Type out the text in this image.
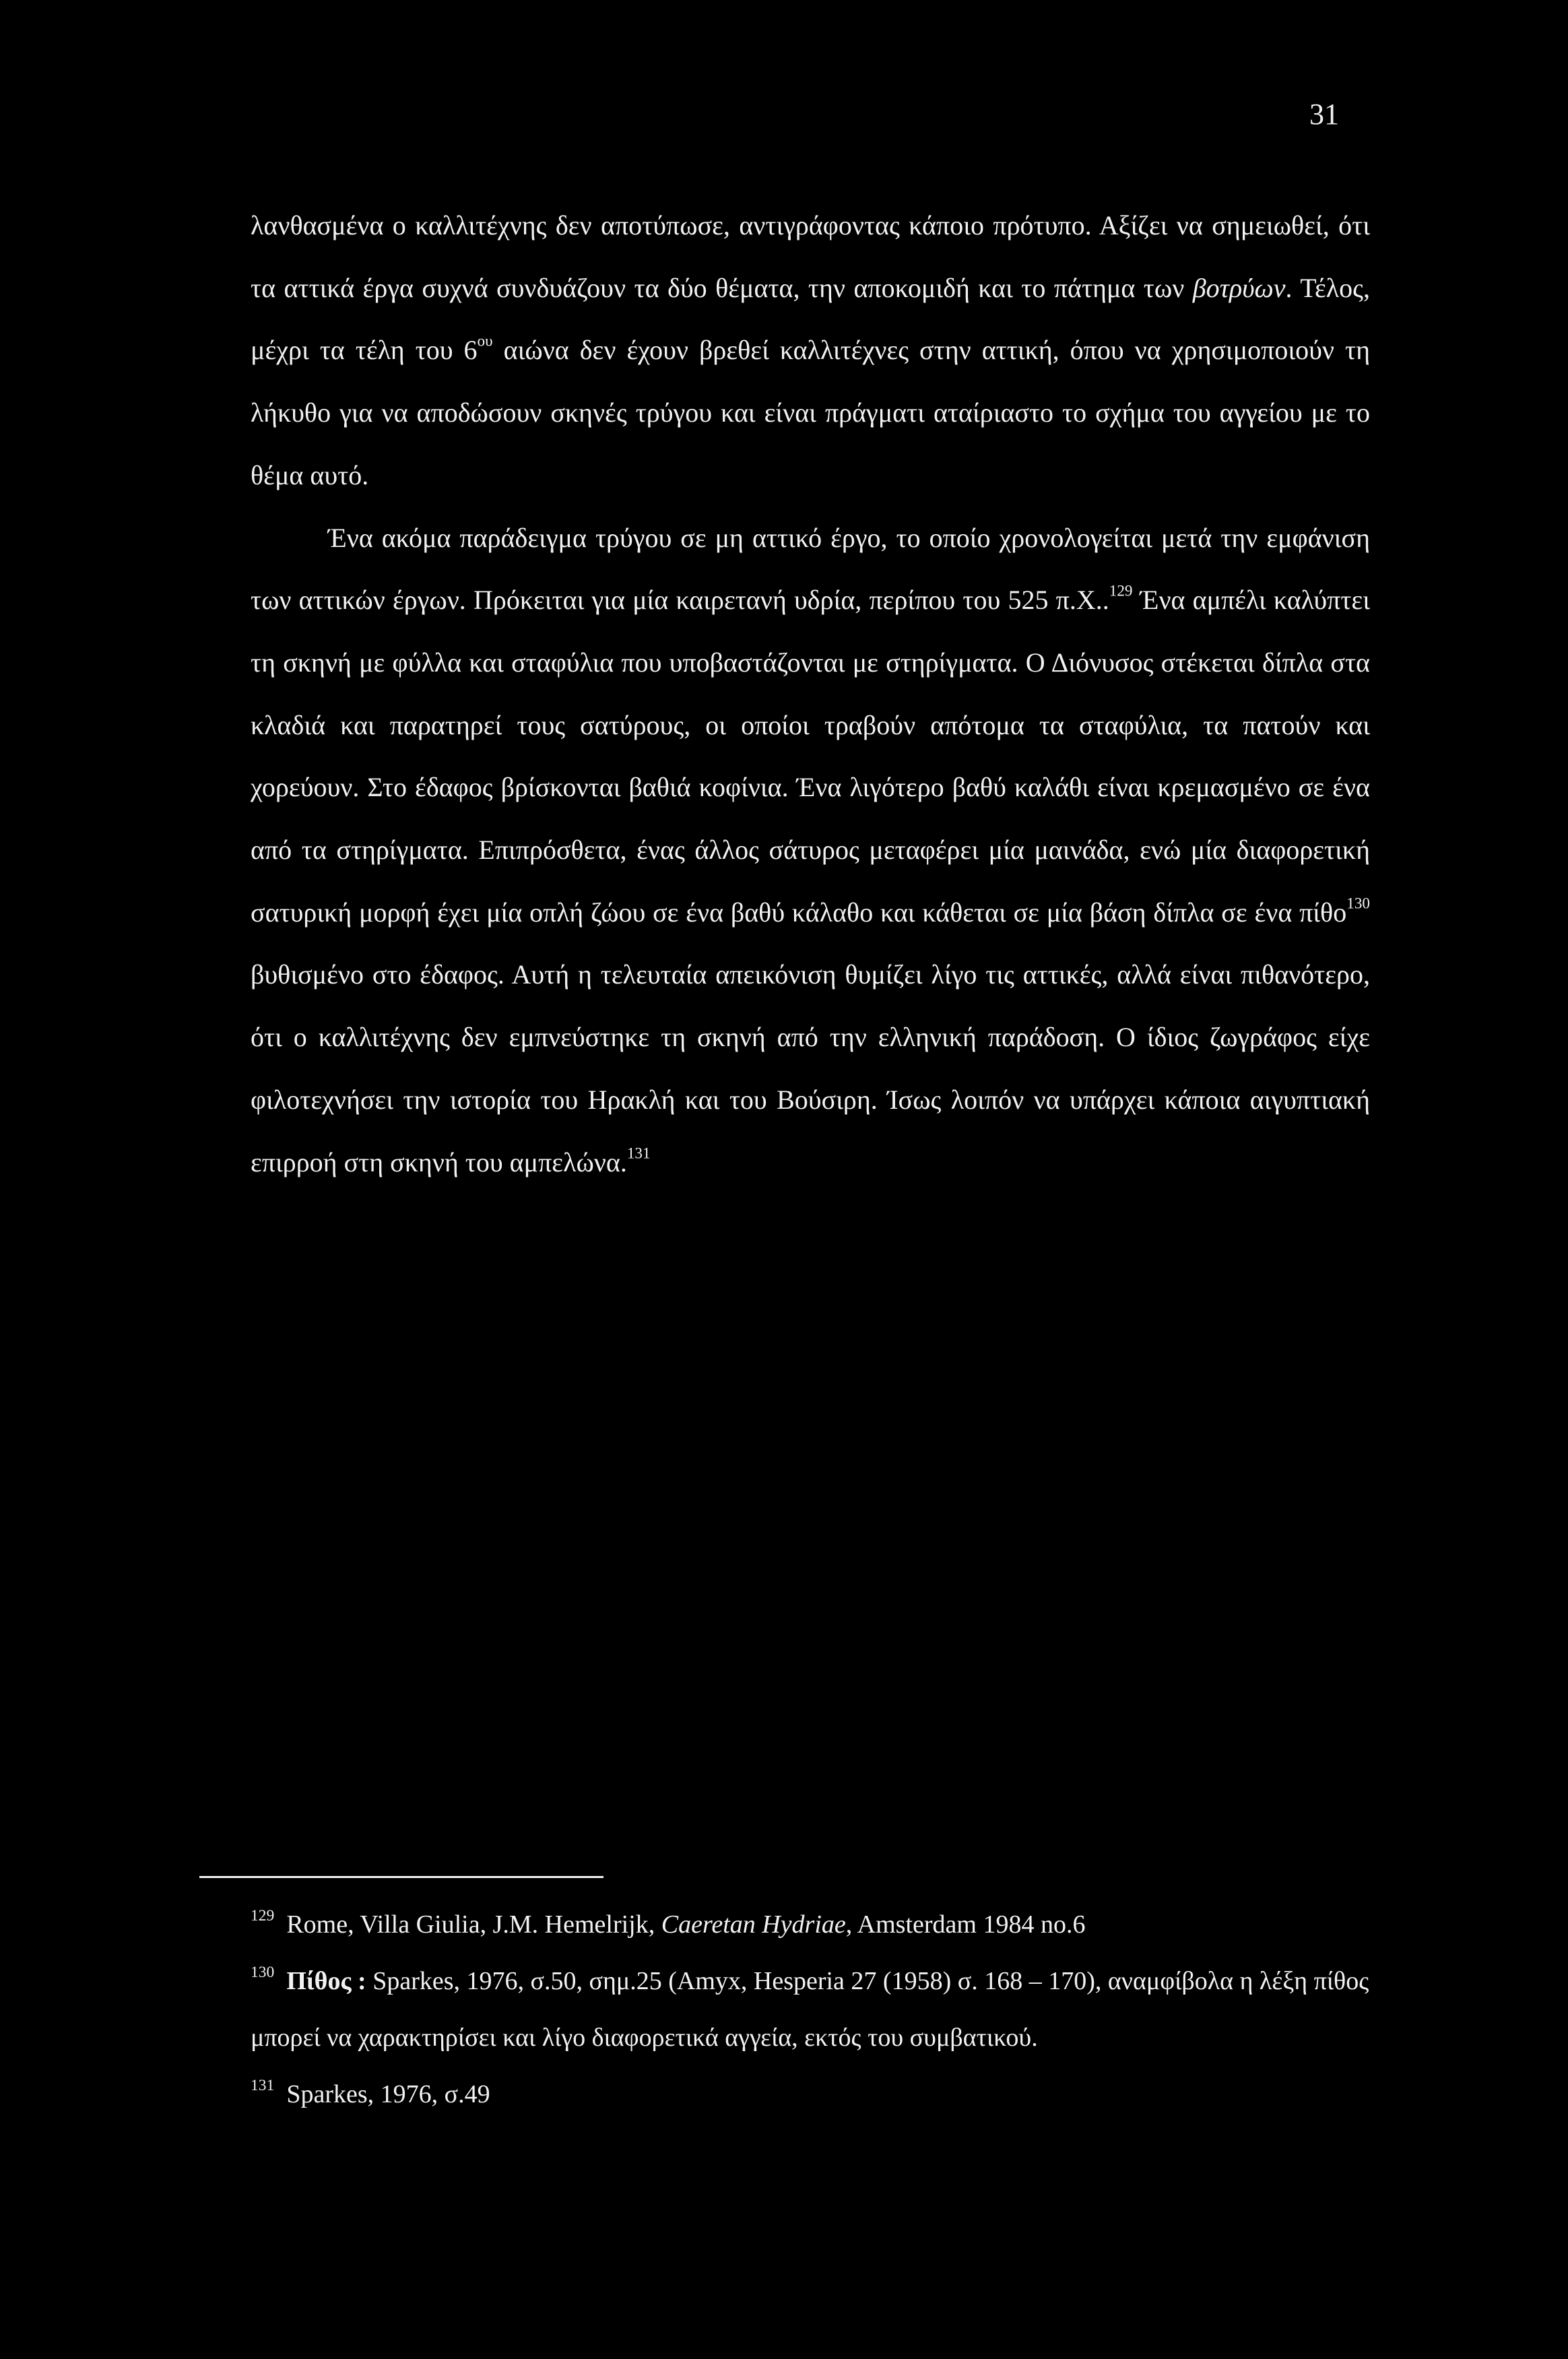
31

λανθασμένα ο καλλιτέχνης δεν αποτύπωσε, αντιγράφοντας κάποιο πρότυπο. Αξίζει να σημειωθεί, ότι τα αττικά έργα συχνά συνδυάζουν τα δύο θέματα, την αποκομιδή και το πάτημα των βοτρύων. Τέλος, μέχρι τα τέλη του $6^{o\upsilon}$ αιώνα δεν έχουν βρεθεί καλλιτέχνες στην αττική, όπου να χρησιμοποιούν τη λήκυθο για να αποδώσουν σκηνές τρύγου και είναι πράγματι αταίριαστο το σχήμα του αγγείου με το θέμα αυτό.

Ένα ακόμα παράδειγμα τρύγου σε μη αττικό έργο, το οποίο χρονολογείται μετά την εμφάνιση των αττικών έργων. Πρόκειται για μία καιρετανή υδρία, περίπου του 525 π.Χ..$^{129}$ Ένα αμπέλι καλύπτει τη σκηνή με φύλλα και σταφύλια που υποβαστάζονται με στηρίγματα. Ο Διόνυσος στέκεται δίπλα στα κλαδιά και παρατηρεί τους σατύρους, οι οποίοι τραβούν απότομα τα σταφύλια, τα πατούν και χορεύουν. Στο έδαφος βρίσκονται βαθιά κοφίνια. Ένα λιγότερο βαθύ καλάθι είναι κρεμασμένο σε ένα από τα στηρίγματα. Επιπρόσθετα, ένας άλλος σάτυρος μεταφέρει μία μαινάδα, ενώ μία διαφορετική σατυρική μορφή έχει μία οπλή ζώου σε ένα βαθύ κάλαθο και κάθεται σε μία βάση δίπλα σε ένα πίθο$^{130}$ βυθισμένο στο έδαφος. Αυτή η τελευταία απεικόνιση θυμίζει λίγο τις αττικές, αλλά είναι πιθανότερο, ότι ο καλλιτέχνης δεν εμπνεύστηκε τη σκηνή από την ελληνική παράδοση. Ο ίδιος ζωγράφος είχε φιλοτεχνήσει την ιστορία του Ηρακλή και του Βούσιρη. Ίσως λοιπόν να υπάρχει κάποια αιγυπτιακή επιρροή στη σκηνή του αμπελώνα.$^{131}$

$^{129}$ Rome, Villa Giulia, J.M. Hemelrijk, Caeretan Hydriae, Amsterdam 1984 no.6

$^{130}$ Πίθος : Sparkes, 1976, σ.50, σημ.25 (Amyx, Hesperia 27 (1958) σ. 168 – 170), αναμφίβολα η λέξη πίθος μπορεί να χαρακτηρίσει και λίγο διαφορετικά αγγεία, εκτός του συμβατικού.

$^{131}$ Sparkes, 1976, σ.49
